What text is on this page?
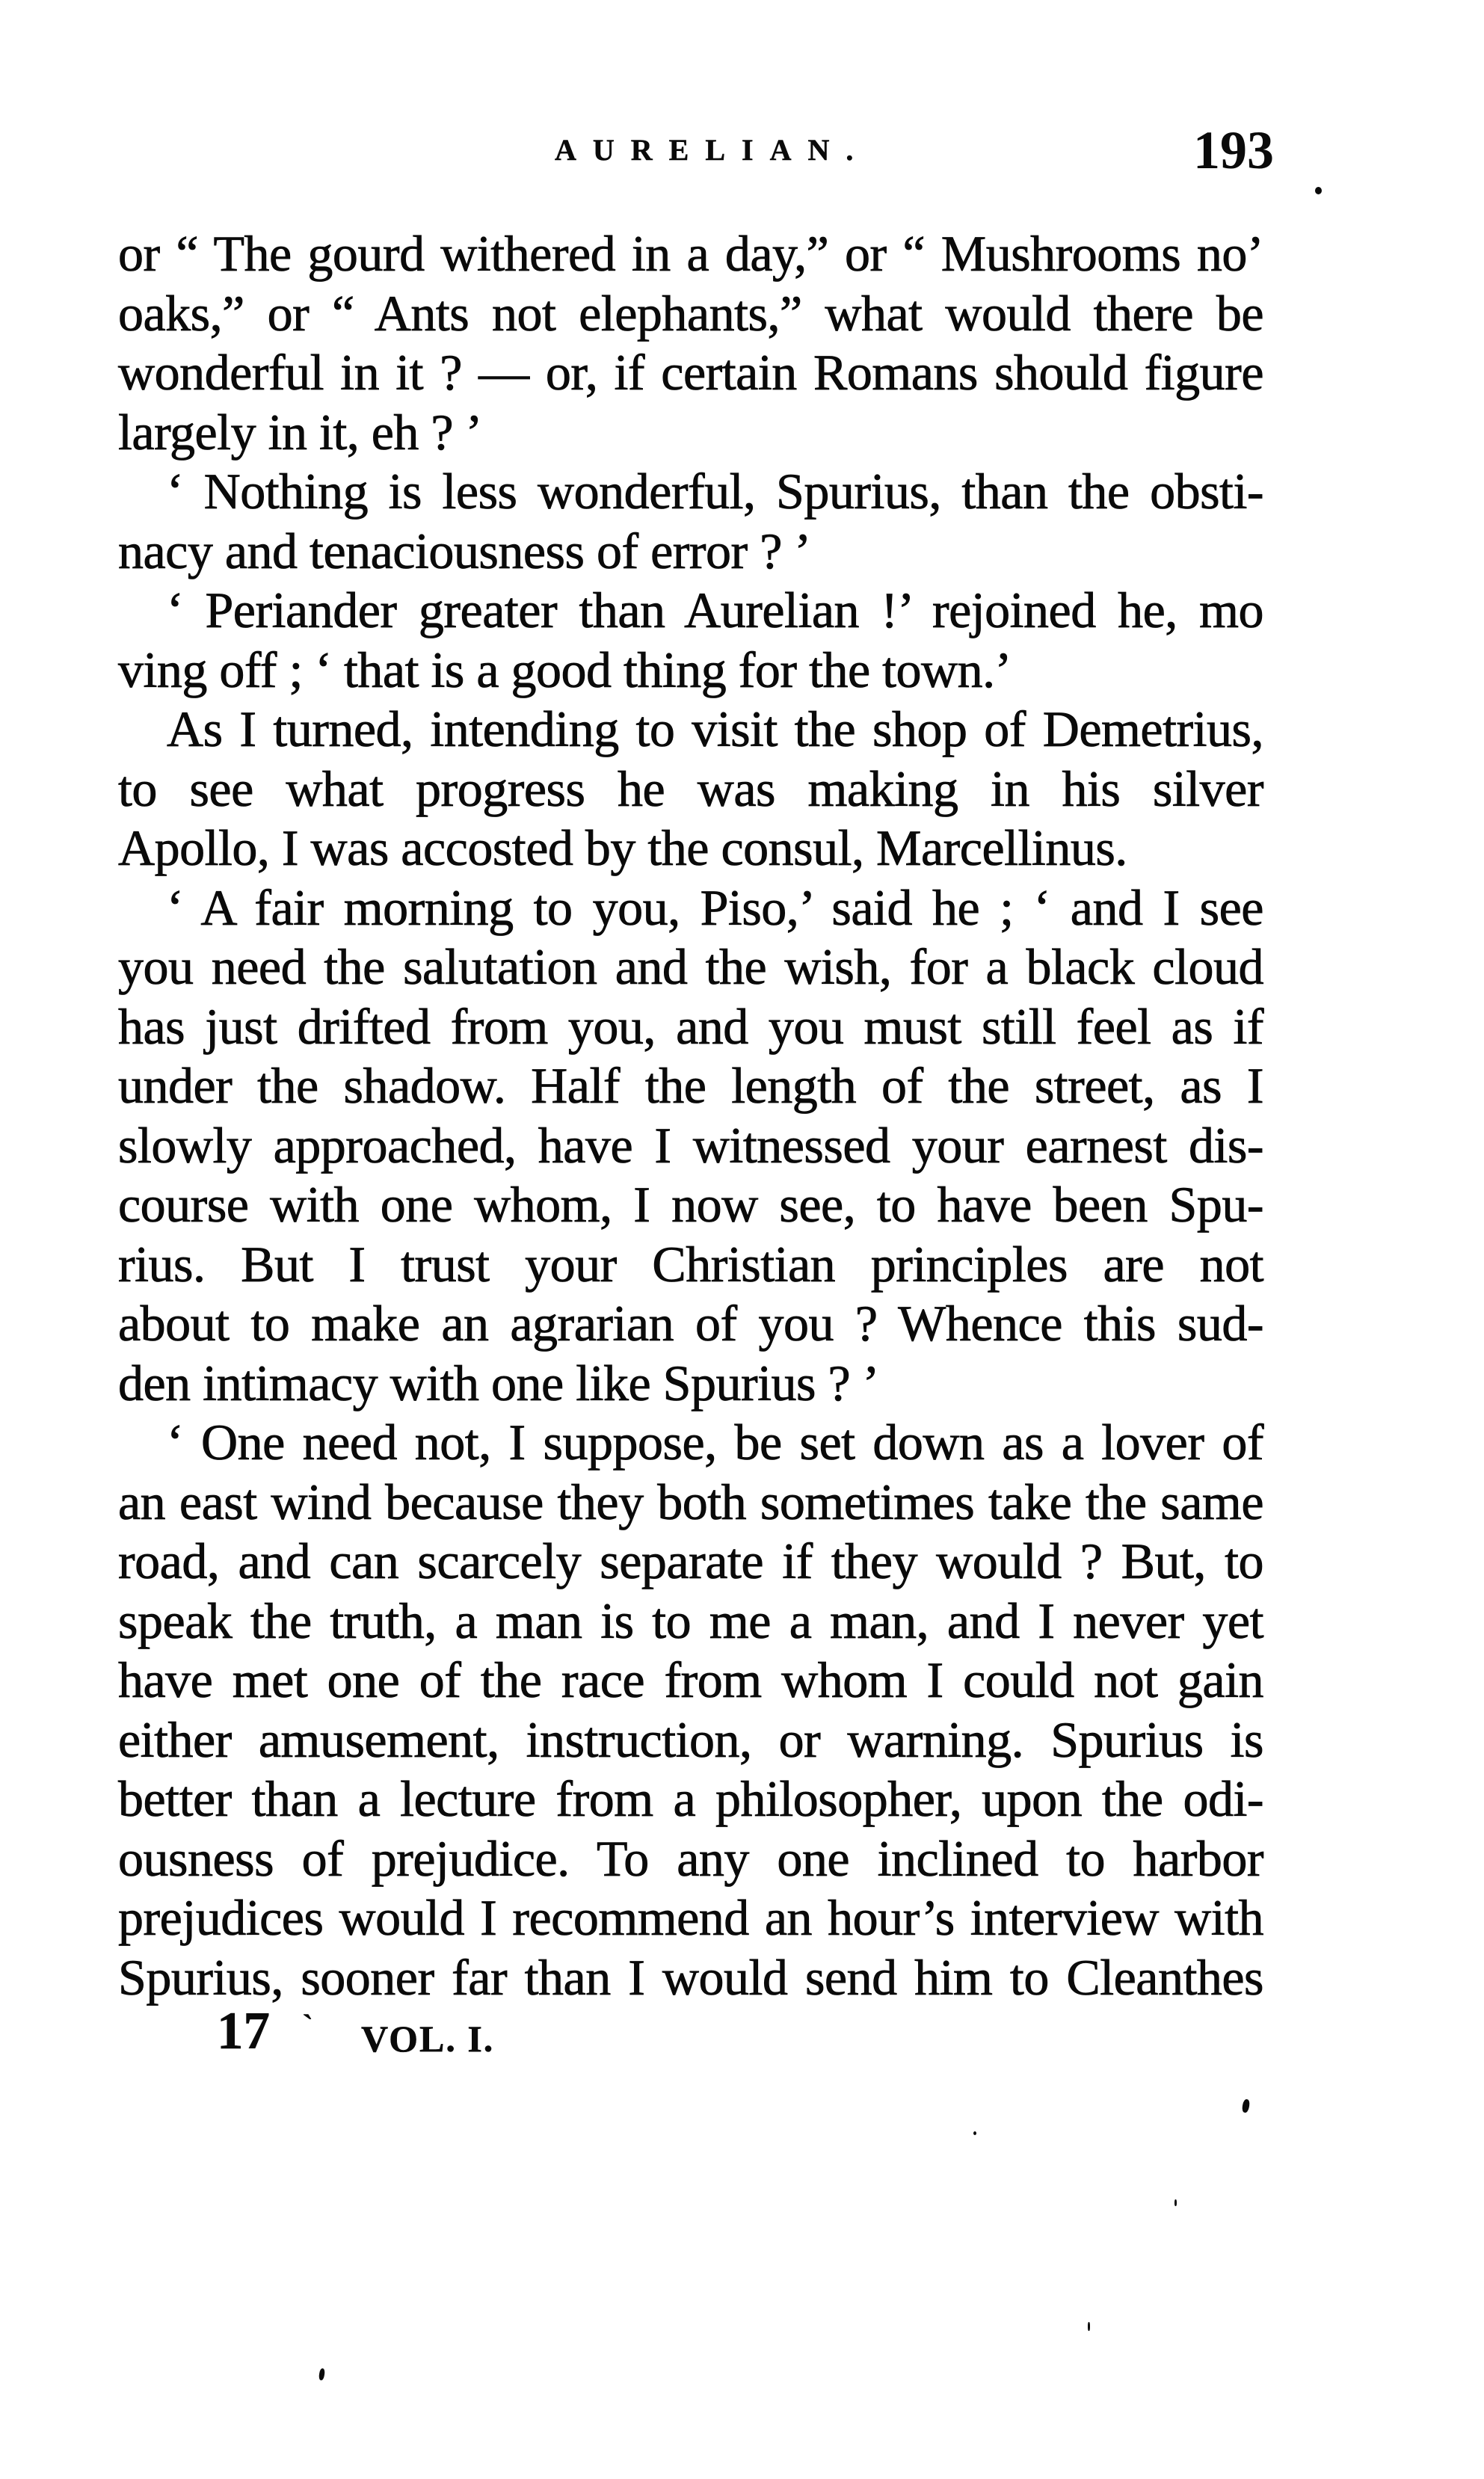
AURELIAN.	193
or “ The gourd withered in a day,” or “ Mushrooms no’
oaks,” or “ Ants not elephants,” what would there be
wonderful in it ? — or, if certain Romans should figure
largely in it, eh ? ’
‘ Nothing is less wonderful, Spurius, than the obsti-
nacy and tenaciousness of error ? ’
‘ Periander greater than Aurelian !’ rejoined he, mo
ving off ; ‘ that is a good thing for the town.’
As I turned, intending to visit the shop of Demetrius,
to see what progress he was making in his silver
Apollo, I was accosted by the consul, Marcellinus.
‘ A fair morning to you, Piso,’ said he ; ‘ and I see
you need the salutation and the wish, for a black cloud
has just drifted from you, and you must still feel as if
under the shadow. Half the length of the street, as I
slowly approached, have I witnessed your earnest dis-
course with one whom, I now see, to have been Spu-
rius. But I trust your Christian principles are not
about to make an agrarian of you ? Whence this sud-
den intimacy with one like Spurius ? ’
‘ One need not, I suppose, be set down as a lover of
an east wind because they both sometimes take the same
road, and can scarcely separate if they would ? But, to
speak the truth, a man is to me a man, and I never yet
have met one of the race from whom I could not gain
either amusement, instruction, or warning. Spurius is
better than a lecture from a philosopher, upon the odi-
ousness of prejudice. To any one inclined to harbor
prejudices would I recommend an hour’s interview with
Spurius, sooner far than I would send him to Cleanthes
17 ` VOL. I.
